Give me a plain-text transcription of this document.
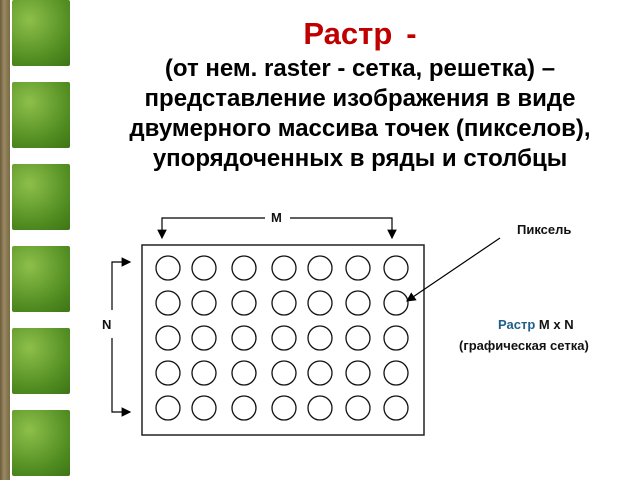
Растр -
(от нем. raster - сетка, решетка) –
представление изображения в виде
двумерного массива точек (пикселов),
упорядоченных в ряды и столбцы
M
N
Пиксель
Растр M x N
(графическая сетка)
